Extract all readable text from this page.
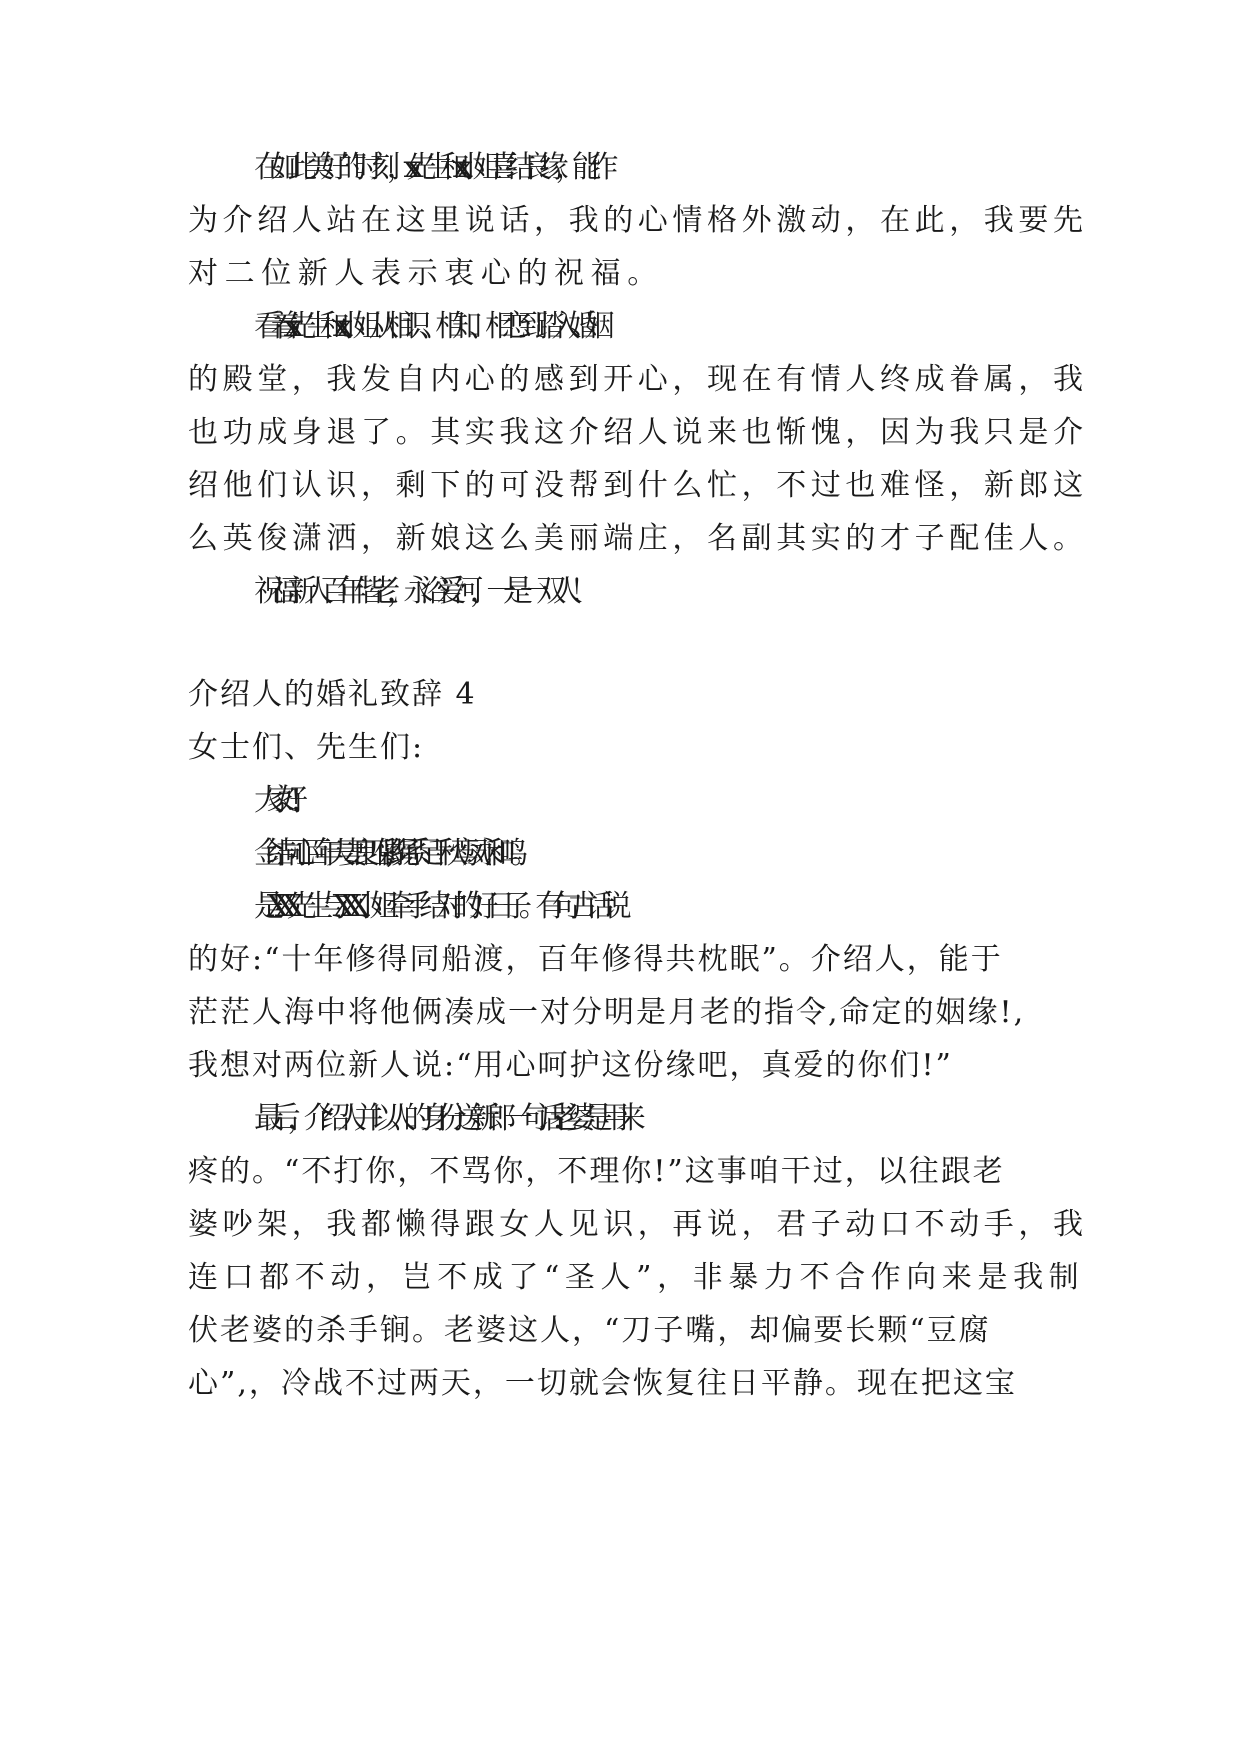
在如此美好的时刻，xx 先生和 xx 小姐喜结良缘，能作
为介绍人站在这里说话，我的心情格外激动，在此，我要先
对二位新人表示衷心的祝福。
看着 xx 先生和 xx 小姐从相识、相知、相恋到踏入婚姻
的殿堂，我发自内心的感到开心，现在有情人终成眷属，我
也功成身退了。其实我这介绍人说来也惭愧，因为我只是介
绍他们认识，剩下的可没帮到什么忙，不过也难怪，新郎这
么英俊潇洒，新娘这么美丽端庄，名副其实的才子配佳人。
祝福新人百年偕老，永浴爱河，一是一双人！
介绍人的婚礼致辞 4
女士们、先生们:
大家好!
金结同心百年夫妻良匹偶;彩绳系足千秋鸾凤永和鸣。
是 XXX 先生与 XXX 小姐牵手结对的好日子。有句古话说
的好:“十年修得同船渡，百年修得共枕眠”。介绍人，能于
茫茫人海中将他俩凑成一对分明是月老的指令,命定的姻缘!,
我想对两位新人说:“用心呵护这份缘吧，真爱的你们!”
最后，介绍人并以人的身份送新郎一句话:老婆是用来
疼的。“不打你，不骂你，不理你!”这事咱干过，以往跟老
婆吵架，我都懒得跟女人见识，再说，君子动口不动手，我
连口都不动，岂不成了“圣人”，非暴力不合作向来是我制
伏老婆的杀手锏。老婆这人，“刀子嘴，却偏要长颗“豆腐
心”,，冷战不过两天，一切就会恢复往日平静。现在把这宝
